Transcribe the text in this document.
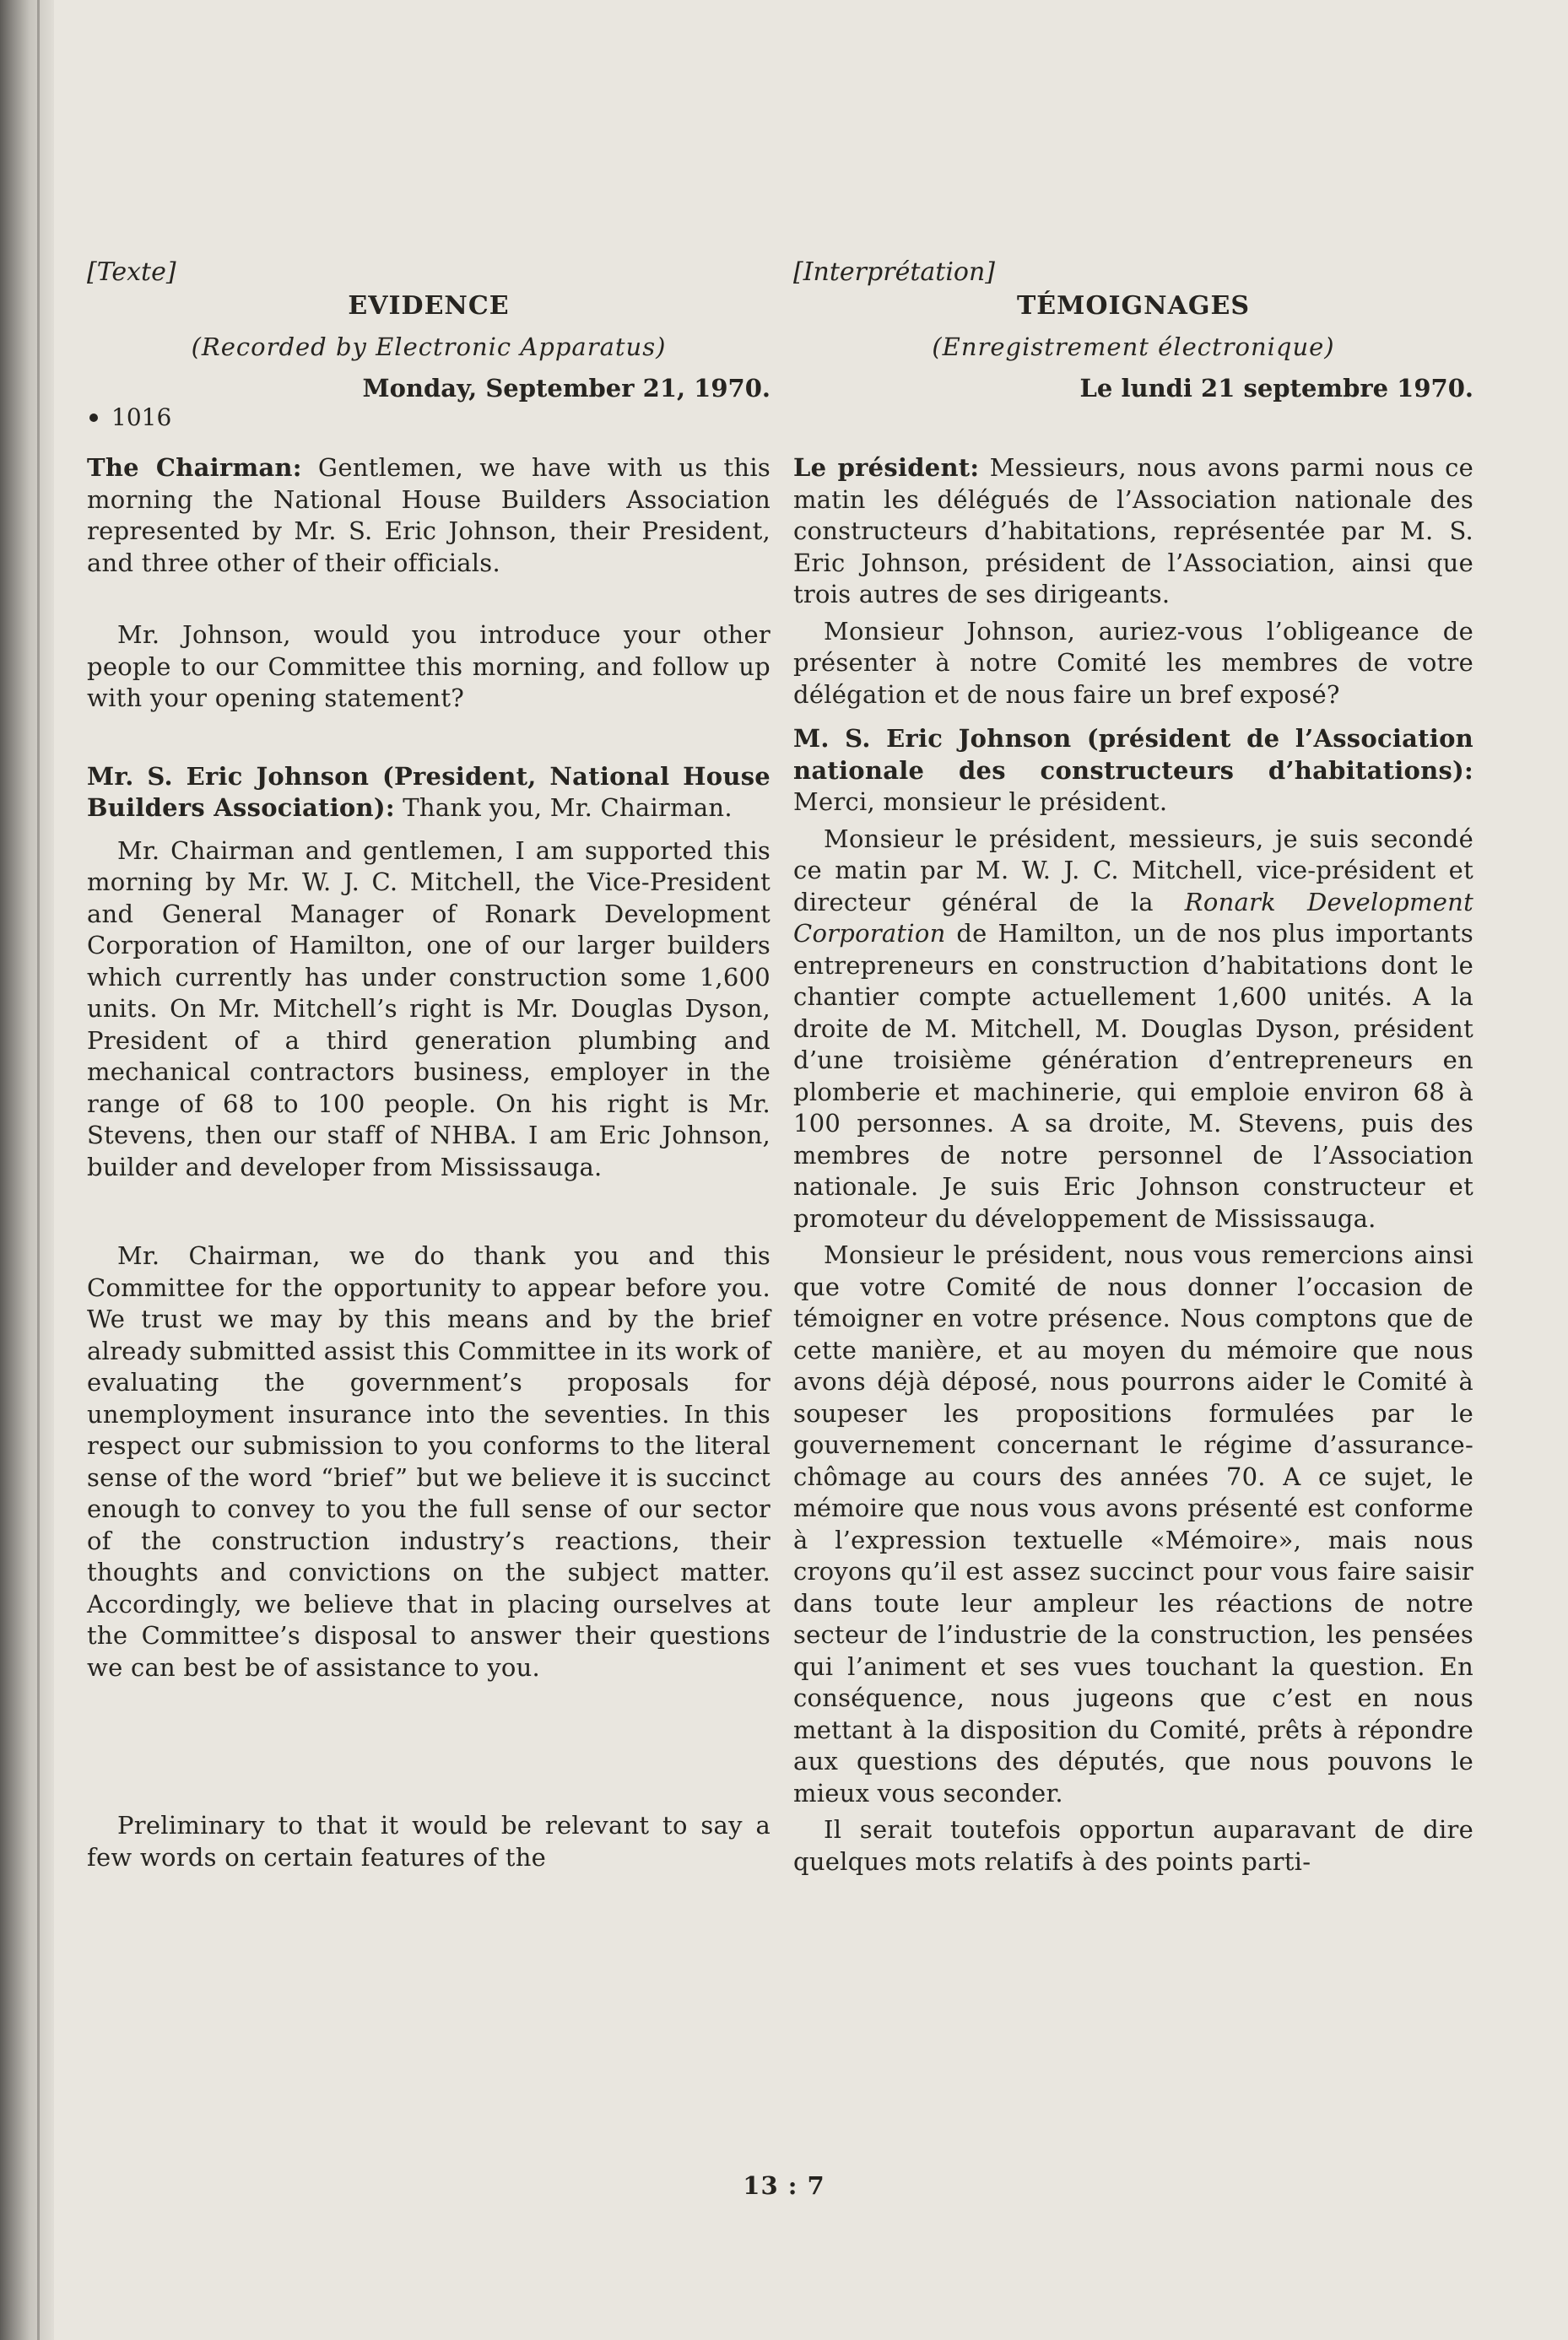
[Texte]

EVIDENCE

(Recorded by Electronic Apparatus)

Monday, September 21, 1970.

1016

The Chairman: Gentlemen, we have with us this morning the National House Builders Association represented by Mr. S. Eric Johnson, their President, and three other of their officials.

Mr. Johnson, would you introduce your other people to our Committee this morning, and follow up with your opening statement?

Mr. S. Eric Johnson (President, National House Builders Association): Thank you, Mr. Chairman.

Mr. Chairman and gentlemen, I am supported this morning by Mr. W. J. C. Mitchell, the Vice-President and General Manager of Ronark Development Corporation of Hamilton, one of our larger builders which currently has under construction some 1,600 units. On Mr. Mitchell’s right is Mr. Douglas Dyson, President of a third generation plumbing and mechanical contractors business, employer in the range of 68 to 100 people. On his right is Mr. Stevens, then our staff of NHBA. I am Eric Johnson, builder and developer from Mississauga.

Mr. Chairman, we do thank you and this Committee for the opportunity to appear before you. We trust we may by this means and by the brief already submitted assist this Committee in its work of evaluating the government’s proposals for unemployment insurance into the seventies. In this respect our submission to you conforms to the literal sense of the word “brief” but we believe it is succinct enough to convey to you the full sense of our sector of the construction industry’s reactions, their thoughts and convictions on the subject matter. Accordingly, we believe that in placing ourselves at the Committee’s disposal to answer their questions we can best be of assistance to you.

Preliminary to that it would be relevant to say a few words on certain features of the

[Interprétation]

TÉMOIGNAGES

(Enregistrement électronique)

Le lundi 21 septembre 1970.

Le président: Messieurs, nous avons parmi nous ce matin les délégués de l’Association nationale des constructeurs d’habitations, représentée par M. S. Eric Johnson, président de l’Association, ainsi que trois autres de ses dirigeants.

Monsieur Johnson, auriez-vous l’obligeance de présenter à notre Comité les membres de votre délégation et de nous faire un bref exposé?

M. S. Eric Johnson (président de l’Association nationale des constructeurs d’habitations): Merci, monsieur le président.

Monsieur le président, messieurs, je suis secondé ce matin par M. W. J. C. Mitchell, vice-président et directeur général de la Ronark Development Corporation de Hamilton, un de nos plus importants entrepreneurs en construction d’habitations dont le chantier compte actuellement 1,600 unités. A la droite de M. Mitchell, M. Douglas Dyson, président d’une troisième génération d’entrepreneurs en plomberie et machinerie, qui emploie environ 68 à 100 personnes. A sa droite, M. Stevens, puis des membres de notre personnel de l’Association nationale. Je suis Eric Johnson constructeur et promoteur du développement de Mississauga.

Monsieur le président, nous vous remercions ainsi que votre Comité de nous donner l’occasion de témoigner en votre présence. Nous comptons que de cette manière, et au moyen du mémoire que nous avons déjà déposé, nous pourrons aider le Comité à soupeser les propositions formulées par le gouvernement concernant le régime d’assurance-chômage au cours des années 70. A ce sujet, le mémoire que nous vous avons présenté est conforme à l’expression textuelle «Mémoire», mais nous croyons qu’il est assez succinct pour vous faire saisir dans toute leur ampleur les réactions de notre secteur de l’industrie de la construction, les pensées qui l’animent et ses vues touchant la question. En conséquence, nous jugeons que c’est en nous mettant à la disposition du Comité, prêts à répondre aux questions des députés, que nous pouvons le mieux vous seconder.

Il serait toutefois opportun auparavant de dire quelques mots relatifs à des points parti-

13 : 7
